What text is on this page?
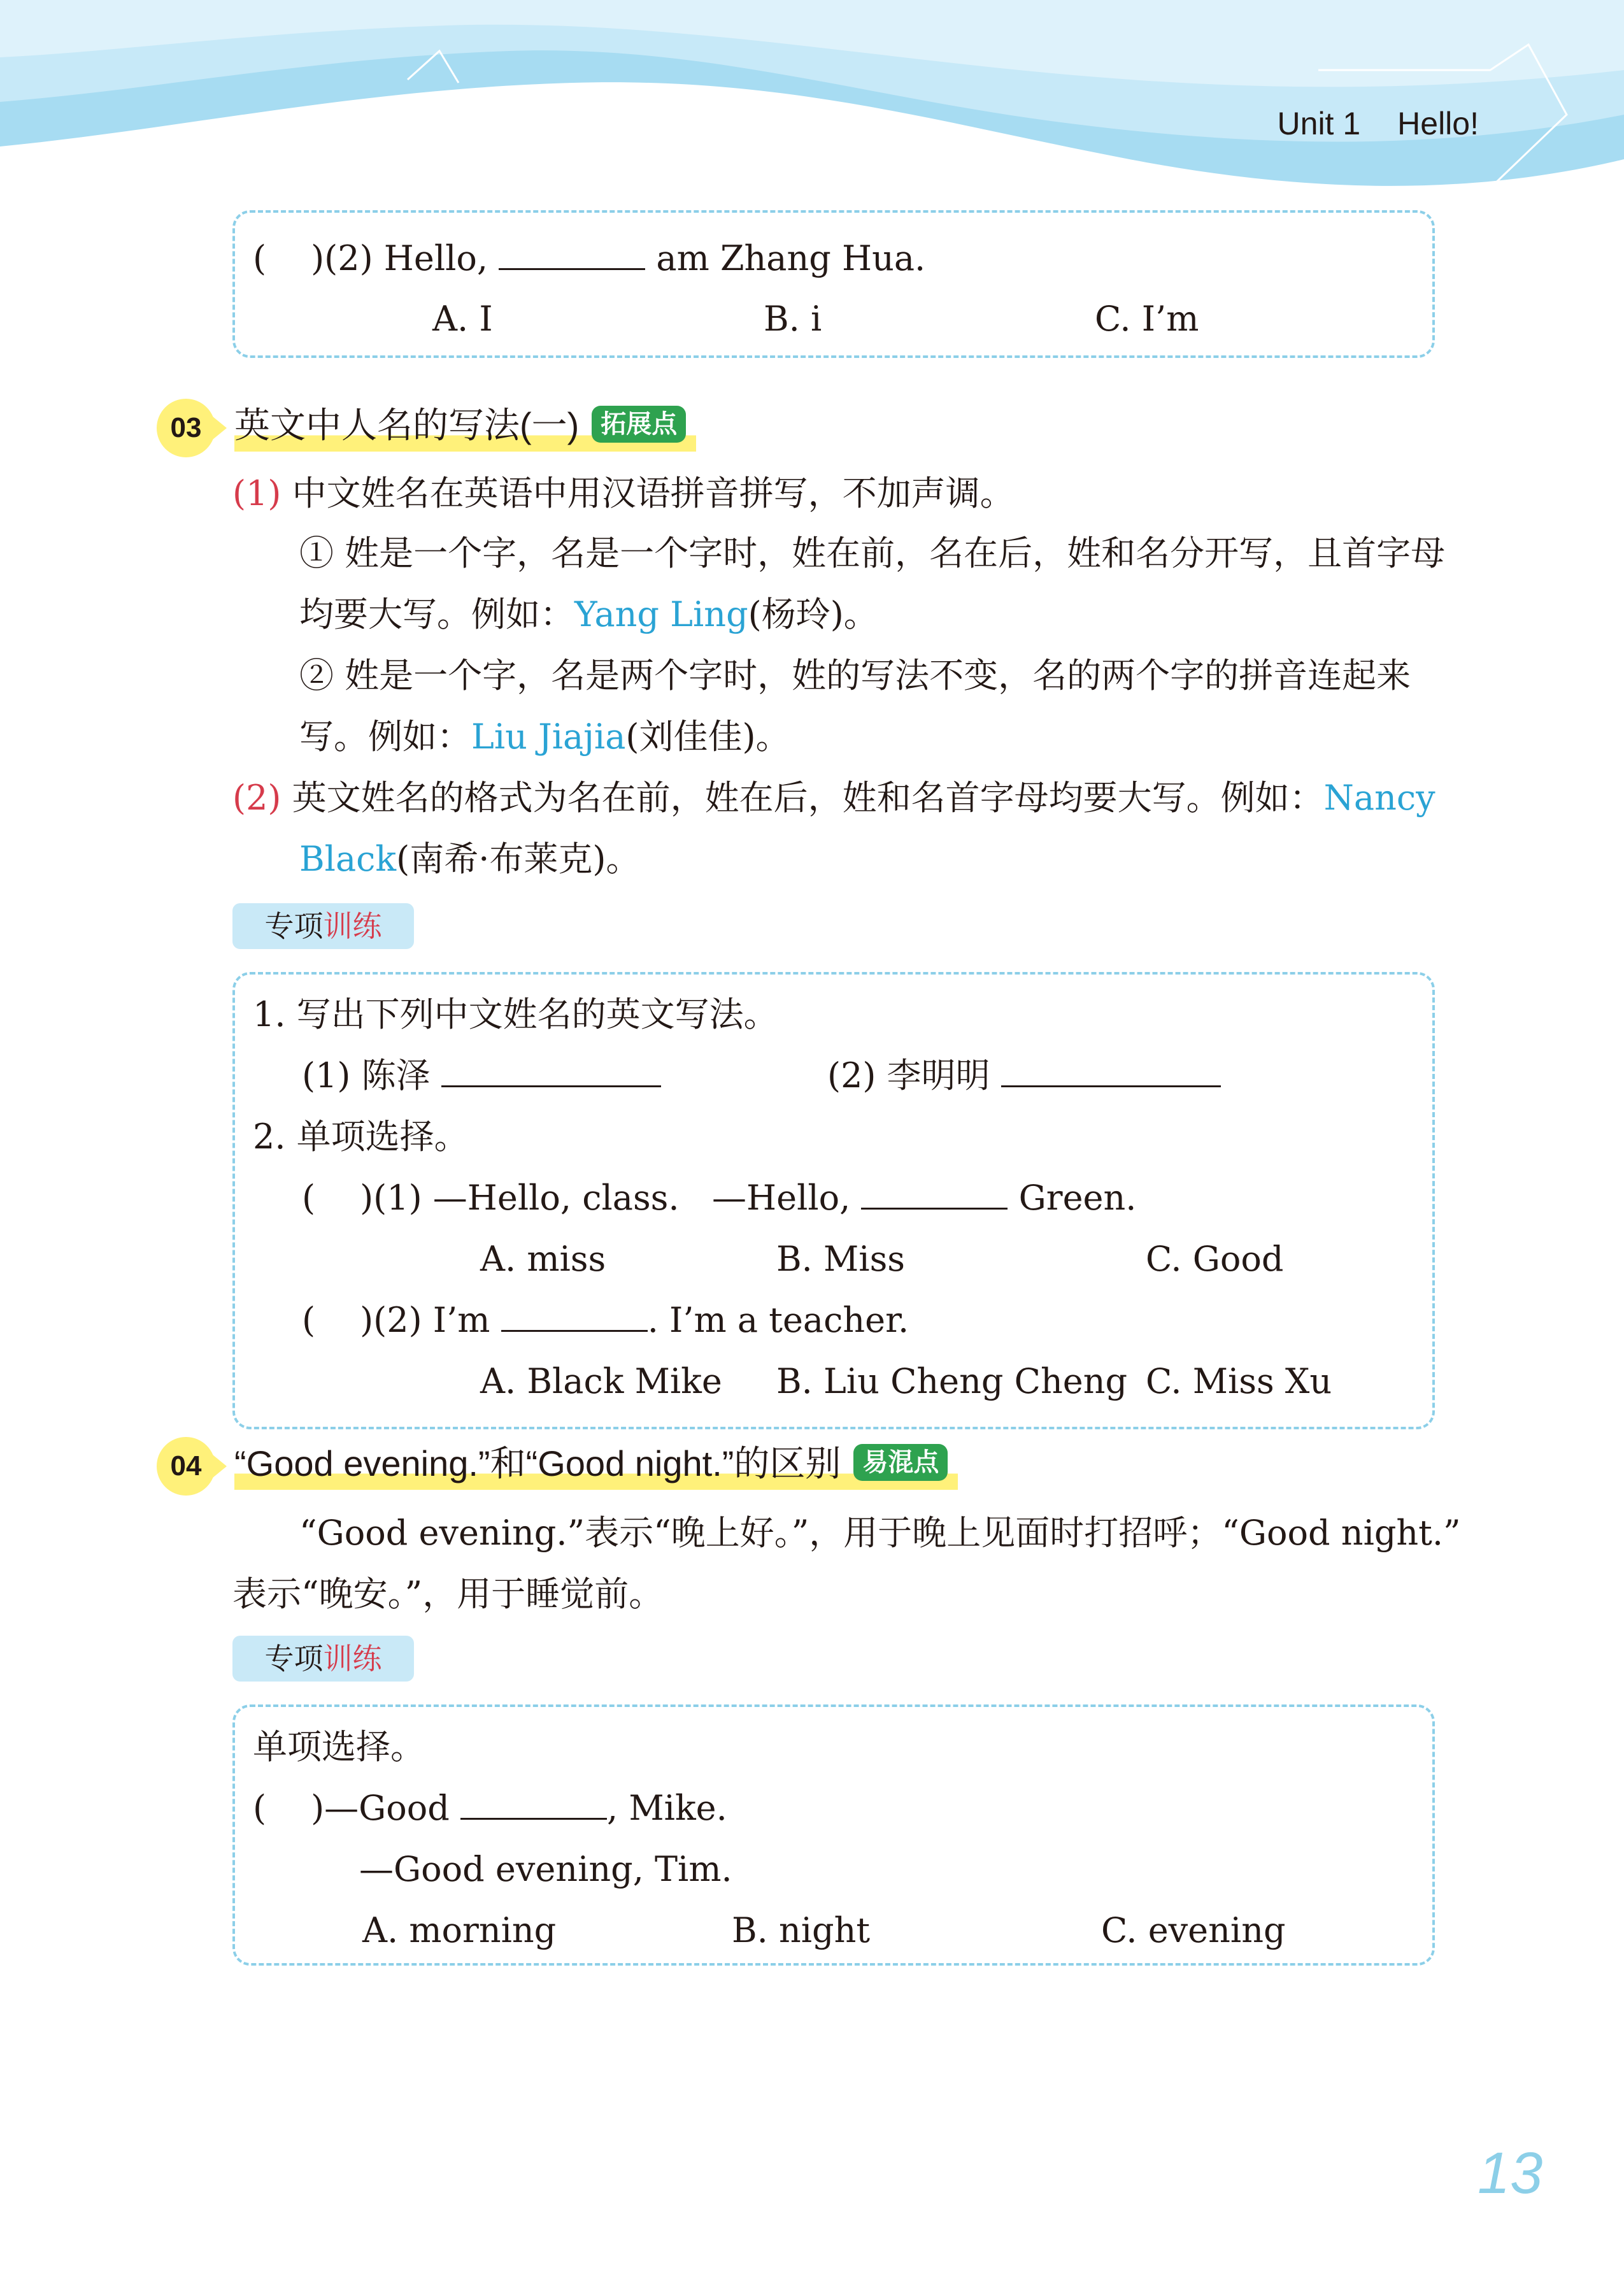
Unit 1 Hello!
( )(2) Hello,	am Zhang Hua.
A. I	B. i	C. I’m
03 英文中人名的写法(一) 拓展点
(1) 中文姓名在英语中用汉语拼音拼写，不加声调。
① 姓是一个字，名是一个字时，姓在前，名在后，姓和名分开写，且首字母
均要大写。例如：Yang Ling(杨玲)。
② 姓是一个字，名是两个字时，姓的写法不变，名的两个字的拼音连起来
写。例如：Liu Jiajia(刘佳佳)。
(2) 英文姓名的格式为名在前，姓在后，姓和名首字母均要大写。例如：Nancy
Black(南希·布莱克)。
专项训练
1. 写出下列中文姓名的英文写法。
(1) 陈泽	(2) 李明明
2. 单项选择。
( )(1) —Hello, class. —Hello,	Green.
A. miss	B. Miss	C. Good
( )(2) I’m	. I’m a teacher.
A. Black Mike B. Liu Cheng Cheng C. Miss Xu
04 “Good evening.”和“Good night.”的区别 易混点
“Good evening.”表示“晚上好。”，用于晚上见面时打招呼；“Good night.”
表示“晚安。”，用于睡觉前。
专项训练
单项选择。
( )—Good	, Mike.
—Good evening, Tim.
A. morning	B. night	C. evening
13
